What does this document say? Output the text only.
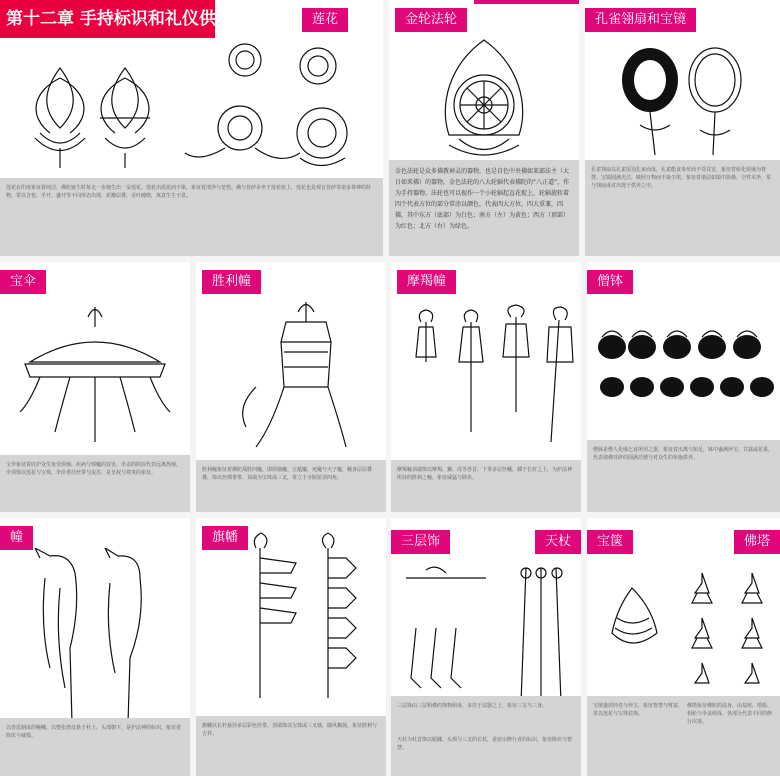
第十二章 手持标识和礼仪供物	莲花
莲花在印度象征着纯洁，佛陀诞生时每走一步便生出一朵莲花，莲花出淤泥而不染，象征着清净与觉悟。佛与菩萨多坐于莲花座上，莲花也是观音菩萨等诸多尊神的持物，常以含苞、半开、盛开等不同形态出现，花瓣层叠，茎叶缠绕，寓意生生不息。
金轮法轮
金色法轮是众多佛教神灵的器物，也是自色中央佛如来部法主（大日如来佛）的器物，金色法轮的八大轮辐代表佛陀的“八正道”，作为手持器物，法轮也可以视作一个小轮辐起直花捉上，轮辐旋转着四个代表方位的部分常涂以颜色，代表四大方位，四大重兼，四佛，其中东方（底部）为白色；南方（左）为黄色；西方（顶部）为红色；北方（右）为绿色。
孔雀翎扇和宝镜
孔雀翎扇以孔雀尾羽扎束而成，孔雀能食毒草而不受其害，象征着转化烦恼为智慧。宝镜圆满光洁，映照万物而不染尘埃，象征着诸法如镜中影像，空性本净，常与翎扇成对出现于供养之中。
宝伞
宝伞象征着庇护众生免受烦恼、疾病与邪魔的侵害，伞盖的阴凉代表远离热恼，伞顶饰以莲花与宝珠，伞沿垂挂丝带与流苏，是皇权与尊贵的象征。
胜利幢
胜利幢象征着佛陀战胜四魔，即烦恼魔、五蕴魔、死魔与天子魔，幢身层层叠叠，饰以丝绸垂带，顶端为宝珠或三叉，常立于寺院屋顶四角。
摩羯幢
摩羯幢顶端饰以摩羯、狮、虎等兽首，下垂多层丝幡，插于长杆之上，为护法神所持的胜利之幢，象征威猛与降伏。
僧钵
僧钵是僧人化缘乞食所用之器，象征着出离与知足，钵中盛满珍宝、甘露或花果，代表诸佛菩萨的圆满功德与对众生的布施供养。
幢
以兽皮制成的幢幡，以整张兽皮悬于杆上，头部朝下，是护法神的标识，象征着降伏与威慑。
旗幡
旗幡以长杆悬挂多层彩色丝带，顶端饰以宝珠或三叉戟，随风飘扬，象征胜利与吉祥。
三层饰	天杖
三层饰由三层相叠的饰物组成，多挂于法器之上，象征三宝与三身。
天杖为杖首饰以骷髅、头颅与三叉的长杖，是密宗修行者的标识，象征降伏与智慧。
宝箧	佛塔
宝箧盛放经卷与珍宝，象征智慧与财富，常以莲花与宝珠装饰。
佛塔象征佛陀的法身，由基座、塔瓶、相轮与伞盖组成，各部分代表不同的修行次第。
